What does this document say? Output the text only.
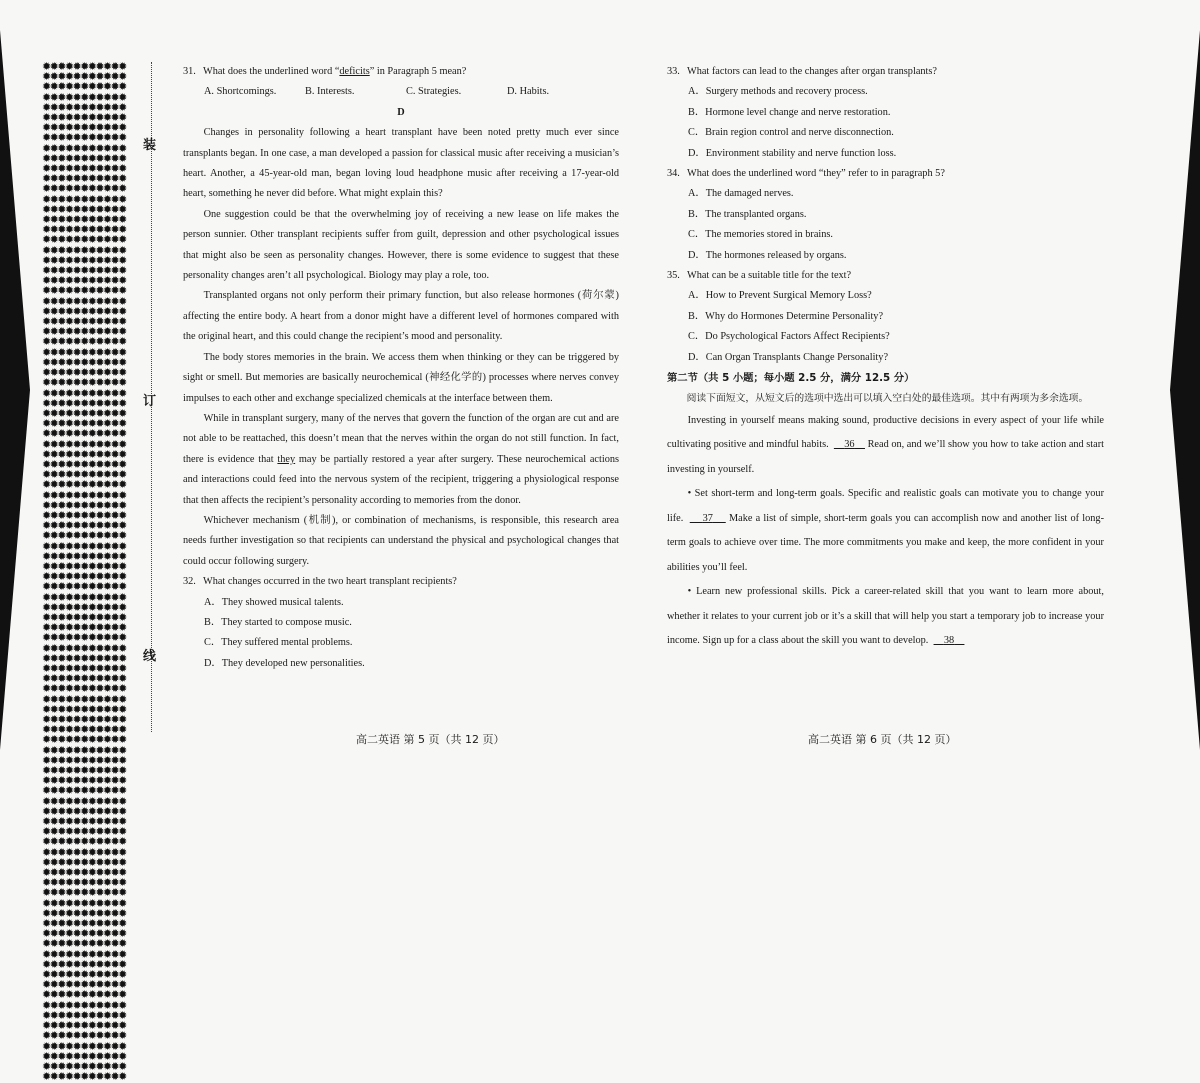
✹✹✹✹✹✹✹✹✹✹✹✹✹✹✹✹✹✹✹✹✹✹✹✹✹✹✹✹✹✹✹✹✹✹✹✹✹✹✹✹✹✹✹✹✹✹✹✹✹✹✹✹✹✹✹✹✹✹✹✹✹✹✹✹✹✹✹✹✹✹✹✹✹✹✹✹✹✹✹✹✹✹✹✹✹✹✹✹✹✹✹✹✹✹✹✹✹✹✹✹✹✹✹✹✹✹✹✹✹✹✹✹✹✹✹✹✹✹✹✹✹✹✹✹✹✹✹✹✹✹✹✹✹✹✹✹✹✹✹✹✹✹✹✹✹✹✹✹✹✹✹✹✹✹✹✹✹✹✹✹✹✹✹✹✹✹✹✹✹✹✹✹✹✹✹✹✹✹✹✹✹✹✹✹✹✹✹✹✹✹✹✹✹✹✹✹✹✹✹✹✹✹✹✹✹✹✹✹✹✹✹✹✹✹✹✹✹✹✹✹✹✹✹✹✹✹✹✹✹✹✹✹✹✹✹✹✹✹✹✹✹✹✹✹✹✹✹✹✹✹✹✹✹✹✹✹✹✹✹✹✹✹✹✹✹✹✹✹✹✹✹✹✹✹✹✹✹✹✹✹✹✹✹✹✹✹✹✹✹✹✹✹✹✹✹✹✹✹✹✹✹✹✹✹✹✹✹✹✹✹✹✹✹✹✹✹✹✹✹✹✹✹✹✹✹✹✹✹✹✹✹✹✹✹✹✹✹✹✹✹✹✹✹✹✹✹✹✹✹✹✹✹✹✹✹✹✹✹✹✹✹✹✹✹✹✹✹✹✹✹✹✹✹✹✹✹✹✹✹✹✹✹✹✹✹✹✹✹✹✹✹✹✹✹✹✹✹✹✹✹✹✹✹✹✹✹✹✹✹✹✹✹✹✹✹✹✹✹✹✹✹✹✹✹✹✹✹✹✹✹✹✹✹✹✹✹✹✹✹✹✹✹✹✹✹✹✹✹✹✹✹✹✹✹✹✹✹✹✹✹✹✹✹✹✹✹✹✹✹✹✹✹✹✹✹✹✹✹✹✹✹✹✹✹✹✹✹✹✹✹✹✹✹✹✹✹✹✹✹✹✹✹✹✹✹✹✹✹✹✹✹✹✹✹✹✹✹✹✹✹✹✹✹✹✹✹✹✹✹✹✹✹✹✹✹✹✹✹✹✹✹✹✹✹✹✹✹✹✹✹✹✹✹✹✹✹✹✹✹✹✹✹✹✹✹✹✹✹✹✹✹✹✹✹✹✹✹✹✹✹✹✹✹✹✹✹✹✹✹✹✹✹✹✹✹✹✹✹✹✹✹✹✹✹✹✹✹✹✹✹✹✹✹✹✹✹✹✹✹✹✹✹✹✹✹✹✹✹✹✹✹✹✹✹✹✹✹✹✹✹✹✹✹✹✹✹✹✹✹✹✹✹✹✹✹✹✹✹✹✹✹✹✹✹✹✹✹✹✹✹✹✹✹✹✹✹✹✹✹✹✹✹✹✹✹✹✹✹✹✹✹✹✹✹✹✹✹✹✹✹✹✹✹✹✹✹✹✹✹✹✹✹✹✹✹✹✹✹✹✹✹✹✹✹✹✹✹✹✹✹✹✹✹✹✹✹✹✹✹✹✹✹✹✹✹✹✹✹✹✹✹✹✹✹✹✹✹✹✹✹✹✹✹✹✹✹✹✹✹✹✹✹✹✹✹✹✹✹✹✹✹✹✹✹✹✹✹✹✹✹✹✹✹✹✹✹✹✹✹✹✹✹✹✹✹✹✹✹✹✹✹✹✹✹✹✹✹✹✹✹✹✹✹✹✹✹✹✹✹✹✹✹✹✹✹✹✹✹✹✹✹✹✹✹✹✹✹✹✹✹✹✹✹✹✹✹✹✹✹✹✹✹✹✹✹✹✹✹✹✹✹✹✹✹✹✹✹✹✹✹✹✹✹✹✹✹✹✹✹✹✹✹✹✹✹✹✹✹✹✹✹✹✹✹✹✹✹✹✹✹✹✹✹✹✹✹✹✹✹✹✹✹✹✹✹✹✹✹✹✹✹✹✹✹✹✹✹✹✹✹✹✹✹✹✹✹✹✹✹✹✹✹✹✹✹✹✹✹✹✹✹✹✹✹✹✹✹✹✹✹✹✹✹✹✹✹✹✹✹✹✹✹✹✹✹✹✹✹✹✹✹✹✹✹✹✹✹✹✹✹✹✹✹✹✹✹✹✹✹✹✹✹✹✹✹✹✹✹✹✹✹✹✹✹✹✹✹✹✹✹✹✹✹✹✹✹✹✹✹✹✹✹✹✹✹✹✹✹✹✹✹✹✹✹✹✹✹✹✹✹✹✹✹✹✹✹✹✹✹✹✹✹✹✹✹✹✹✹✹✹✹✹✹✹✹✹✹✹✹✹✹✹✹✹✹✹✹✹✹✹
装
订
线
31. What does the underlined word “deficits” in Paragraph 5 mean?
A. Shortcomings.	B. Interests.	C. Strategies.	D. Habits.

D

Changes in personality following a heart transplant have been noted pretty much ever since transplants began. In one case, a man developed a passion for classical music after receiving a musician’s heart. Another, a 45-year-old man, began loving loud headphone music after receiving a 17-year-old heart, something he never did before. What might explain this?

One suggestion could be that the overwhelming joy of receiving a new lease on life makes the person sunnier. Other transplant recipients suffer from guilt, depression and other psychological issues that might also be seen as personality changes. However, there is some evidence to suggest that these personality changes aren’t all psychological. Biology may play a role, too.

Transplanted organs not only perform their primary function, but also release hormones (荷尔蒙) affecting the entire body. A heart from a donor might have a different level of hormones compared with the original heart, and this could change the recipient’s mood and personality.

The body stores memories in the brain. We access them when thinking or they can be triggered by sight or smell. But memories are basically neurochemical (神经化学的) processes where nerves convey impulses to each other and exchange specialized chemicals at the interface between them.

While in transplant surgery, many of the nerves that govern the function of the organ are cut and are not able to be reattached, this doesn’t mean that the nerves within the organ do not still function. In fact, there is evidence that they may be partially restored a year after surgery. These neurochemical actions and interactions could feed into the nervous system of the recipient, triggering a physiological response that then affects the recipient’s personality according to memories from the donor.

Whichever mechanism (机制), or combination of mechanisms, is responsible, this research area needs further investigation so that recipients can understand the physical and psychological changes that could occur following surgery.

32. What changes occurred in the two heart transplant recipients?
A．They showed musical talents.
B．They started to compose music.
C．They suffered mental problems.
D．They developed new personalities.
高二英语 第 5 页（共 12 页）
33. What factors can lead to the changes after organ transplants?
A．Surgery methods and recovery process.
B．Hormone level change and nerve restoration.
C．Brain region control and nerve disconnection.
D．Environment stability and nerve function loss.
34. What does the underlined word “they” refer to in paragraph 5?
A．The damaged nerves.
B．The transplanted organs.
C．The memories stored in brains.
D．The hormones released by organs.
35. What can be a suitable title for the text?
A．How to Prevent Surgical Memory Loss?
B．Why do Hormones Determine Personality?
C．Do Psychological Factors Affect Recipients?
D．Can Organ Transplants Change Personality?

第二节（共 5 小题；每小题 2.5 分，满分 12.5 分）

阅读下面短文，从短文后的选项中选出可以填入空白处的最佳选项。其中有两项为多余选项。

Investing in yourself means making sound, productive decisions in every aspect of your life while cultivating positive and mindful habits.      36     Read on, and we’ll show you how to take action and start investing in yourself.

• Set short-term and long-term goals. Specific and realistic goals can motivate you to change your life.      37     Make a list of simple, short-term goals you can accomplish now and another list of long-term goals to achieve over time. The more commitments you make and keep, the more confident in your abilities you’ll feel.

• Learn new professional skills. Pick a career-related skill that you want to learn more about, whether it relates to your current job or it’s a skill that will help you start a temporary job to increase your income. Sign up for a class about the skill you want to develop.      38

高二英语 第 6 页（共 12 页）
